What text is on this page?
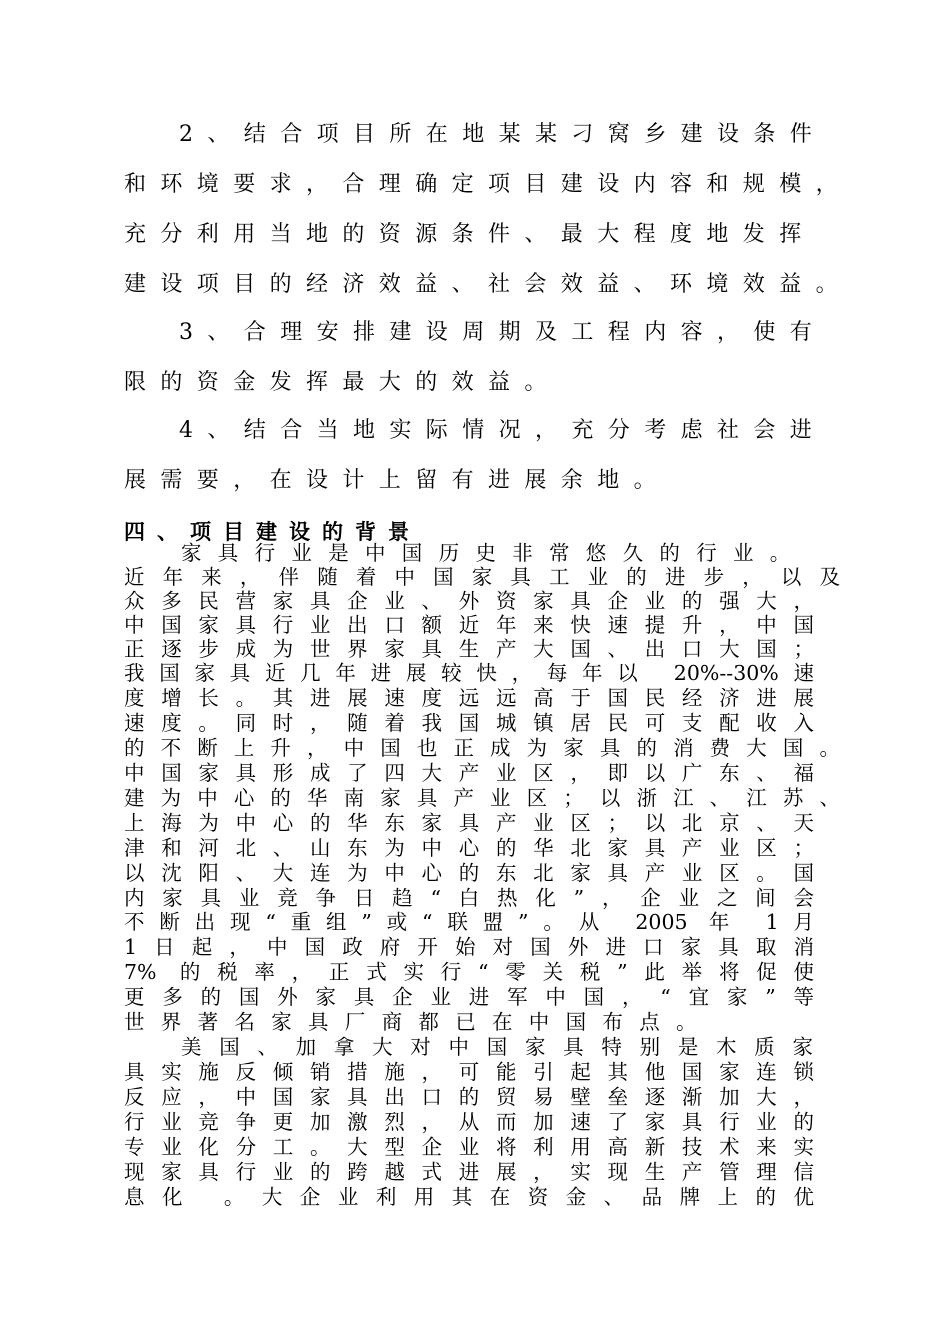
2、结合项目所在地某某刁窝乡建设条件
和环境要求，合理确定项目建设内容和规模，
充分利用当地的资源条件、最大程度地发挥
建设项目的经济效益、社会效益、环境效益。
3、合理安排建设周期及工程内容，使有
限的资金发挥最大的效益。
4、结合当地实际情况，充分考虑社会进
展需要，在设计上留有进展余地。
四、项目建设的背景
家具行业是中国历史非常悠久的行业。
近年来，伴随着中国家具工业的进步，以及
众多民营家具企业、外资家具企业的强大，
中国家具行业出口额近年来快速提升，中国
正逐步成为世界家具生产大国、出口大国；
我国家具近几年进展较快，每年以 20%--30%速
度增长。其进展速度远远高于国民经济进展
速度。同时，随着我国城镇居民可支配收入
的不断上升，中国也正成为家具的消费大国。
中国家具形成了四大产业区，即以广东、福
建为中心的华南家具产业区；以浙江、江苏、
上海为中心的华东家具产业区；以北京、天
津和河北、山东为中心的华北家具产业区；
以沈阳、大连为中心的东北家具产业区。国
内家具业竞争日趋“白热化”，企业之间会
不断出现“重组”或“联盟”。从 2005 年 1月
1日起，中国政府开始对国外进口家具取消
7% 的税率，正式实行“零关税”此举将促使
更多的国外家具企业进军中国，“宜家”等
世界著名家具厂商都已在中国布点。
美国、加拿大对中国家具特别是木质家
具实施反倾销措施，可能引起其他国家连锁
反应，中国家具出口的贸易壁垒逐渐加大，
行业竞争更加激烈，从而加速了家具行业的
专业化分工。大型企业将利用高新技术来实
现家具行业的跨越式进展，实现生产管理信
息化 。大企业利用其在资金、品牌上的优
